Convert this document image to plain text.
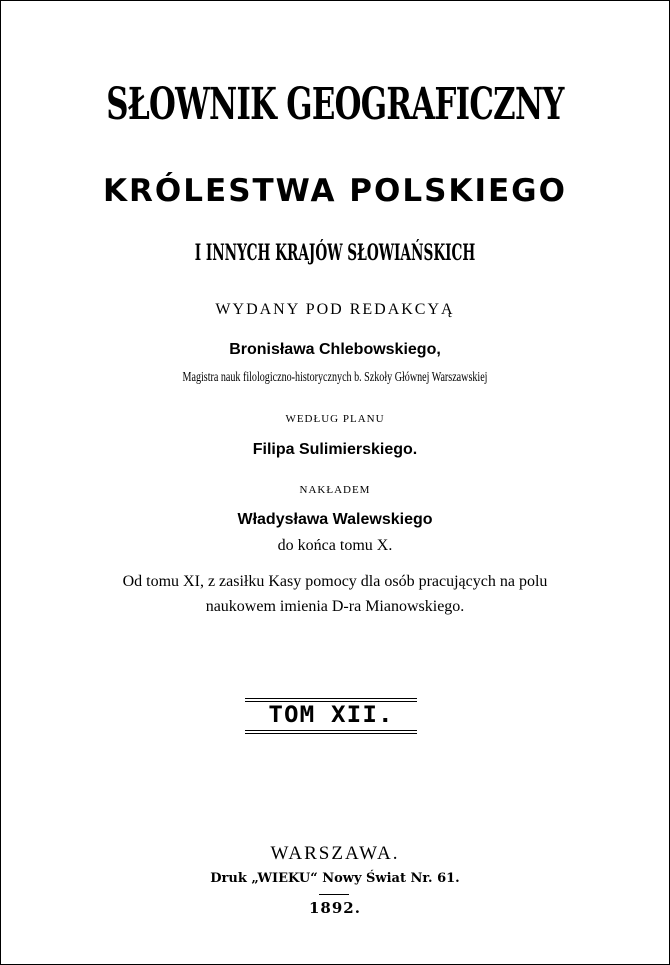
SŁOWNIK GEOGRAFICZNY
KRÓLESTWA POLSKIEGO
I INNYCH KRAJÓW SŁOWIAŃSKICH
WYDANY POD REDAKCYĄ
Bronisława Chlebowskiego,
Magistra nauk filologiczno-historycznych b. Szkoły Głównej Warszawskiej
WEDŁUG PLANU
Filipa Sulimierskiego.
NAKŁADEM
Władysława Walewskiego
do końca tomu X.
Od tomu XI, z zasiłku Kasy pomocy dla osób pracujących na polu
naukowem imienia D-ra Mianowskiego.
TOM XII.
WARSZAWA.
Druk „WIEKU“ Nowy Świat Nr. 61.
1892.
